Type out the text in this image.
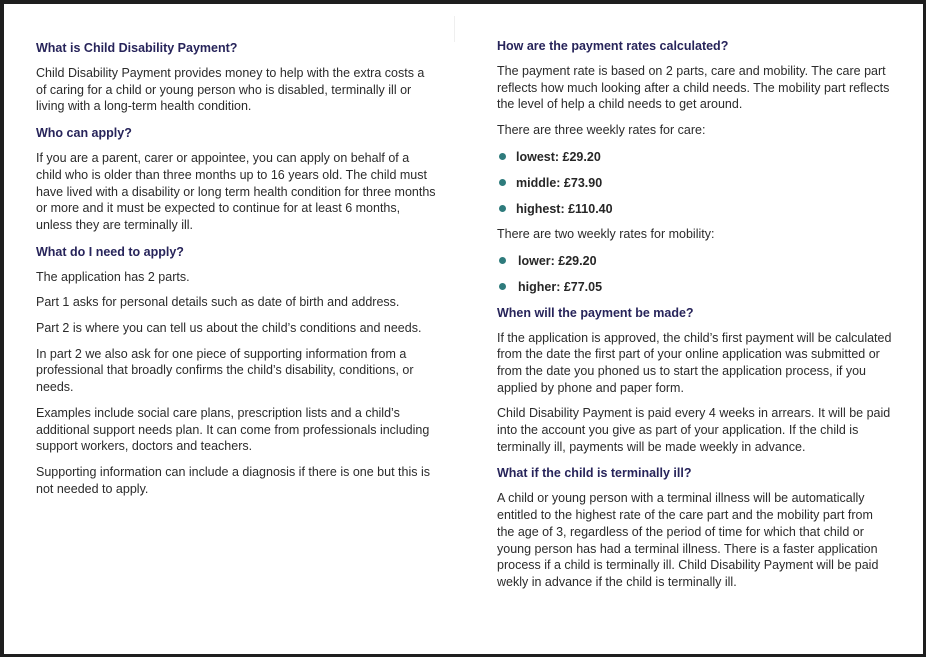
What is Child Disability Payment?

Child Disability Payment provides money to help with the extra costs a of caring for a child or young person who is disabled, terminally ill or living with a long-term health condition.

Who can apply?

If you are a parent, carer or appointee, you can apply on behalf of a child who is older than three months up to 16 years old. The child must have lived with a disability or long term health condition for three months or more and it must be expected to continue for at least 6 months, unless they are terminally ill.

What do I need to apply?

The application has 2 parts.

Part 1 asks for personal details such as date of birth and address.

Part 2 is where you can tell us about the child’s conditions and needs.

In part 2 we also ask for one piece of supporting information from a professional that broadly confirms the child’s disability, conditions, or needs.

Examples include social care plans, prescription lists and a child’s additional support needs plan. It can come from professionals including support workers, doctors and teachers.

Supporting information can include a diagnosis if there is one but this is not needed to apply.

How are the payment rates calculated?

The payment rate is based on 2 parts, care and mobility. The care part reflects how much looking after a child needs. The mobility part reflects the level of help a child needs to get around.

There are three weekly rates for care:

lowest: £29.20
middle: £73.90
highest: £110.40

There are two weekly rates for mobility:

lower: £29.20
higher: £77.05
When will the payment be made?

If the application is approved, the child’s first payment will be calculated from the date the first part of your online application was submitted or from the date you phoned us to start the application process, if you applied by phone and paper form.

Child Disability Payment is paid every 4 weeks in arrears. It will be paid into the account you give as part of your application. If the child is terminally ill, payments will be made weekly in advance.

What if the child is terminally ill?

A child or young person with a terminal illness will be automatically entitled to the highest rate of the care part and the mobility part from the age of 3, regardless of the period of time for which that child or young person has had a terminal illness. There is a faster application process if a child is terminally ill. Child Disability Payment will be paid wekly in advance if the child is terminally ill.
